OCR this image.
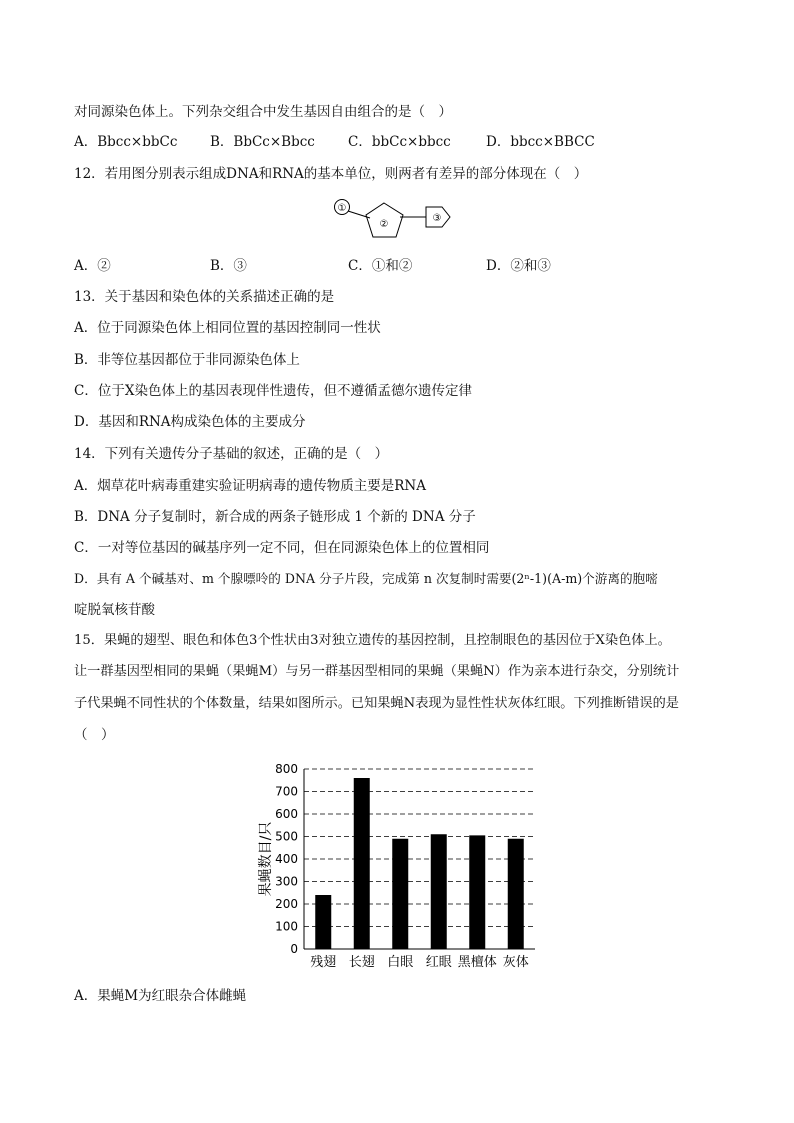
对同源染色体上。下列杂交组合中发生基因自由组合的是（　）
A．Bbcc×bbCc B．BbCc×Bbcc C．bbCc×bbcc	D．bbcc×BBCC
12．若用图分别表示组成DNA和RNA的基本单位，则两者有差异的部分体现在（　）
①
②
③
A．②	B．③	C．①和②	D．②和③
13．关于基因和染色体的关系描述正确的是
A．位于同源染色体上相同位置的基因控制同一性状
B．非等位基因都位于非同源染色体上
C．位于X染色体上的基因表现伴性遗传，但不遵循孟德尔遗传定律
D．基因和RNA构成染色体的主要成分
14．下列有关遗传分子基础的叙述，正确的是（　）
A．烟草花叶病毒重建实验证明病毒的遗传物质主要是RNA
B．DNA 分子复制时，新合成的两条子链形成 1 个新的 DNA 分子
C．一对等位基因的碱基序列一定不同，但在同源染色体上的位置相同
D．具有 A 个碱基对、m 个腺嘌呤的 DNA 分子片段，完成第 n 次复制时需要(2ⁿ-1)(A-m)个游离的胞嘧
啶脱氧核苷酸
15．果蝇的翅型、眼色和体色3个性状由3对独立遗传的基因控制，且控制眼色的基因位于X染色体上。
让一群基因型相同的果蝇（果蝇M）与另一群基因型相同的果蝇（果蝇N）作为亲本进行杂交，分别统计
子代果蝇不同性状的个体数量，结果如图所示。已知果蝇N表现为显性性状灰体红眼。下列推断错误的是
（　）
0
100
200
300
400
500
600
700
800
残翅 长翅 白眼 红眼 黑檀体 灰体
果蝇数目/只
A．果蝇M为红眼杂合体雌蝇
